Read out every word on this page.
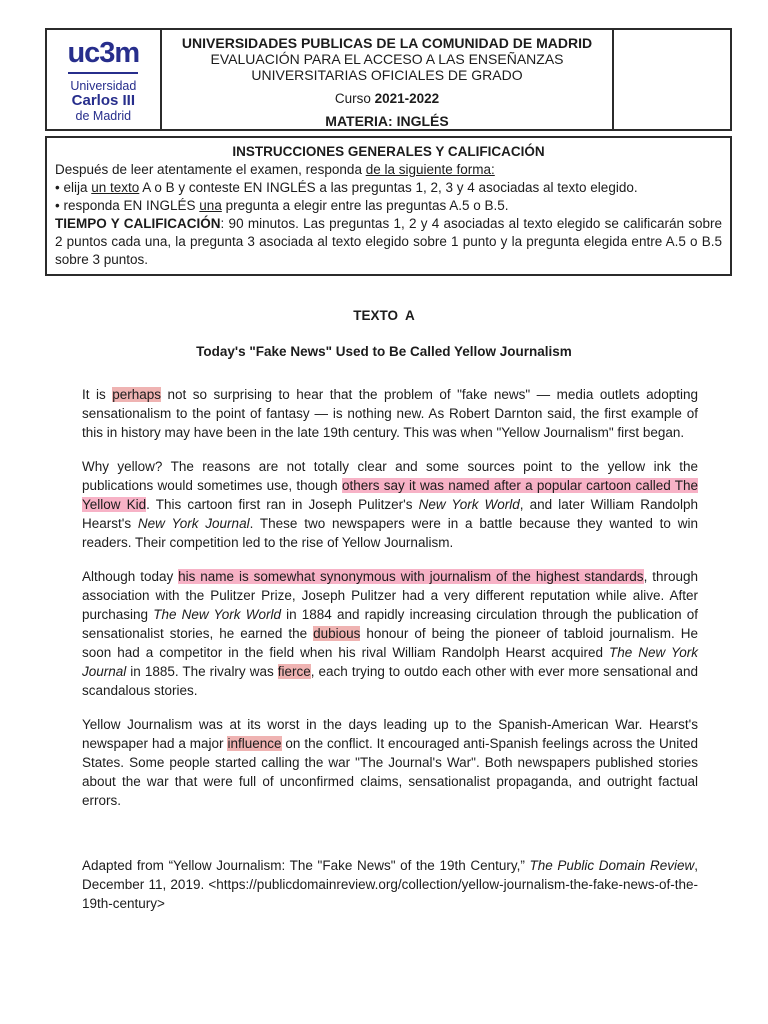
uc3m
Universidad
Carlos III
de Madrid
UNIVERSIDADES PUBLICAS DE LA COMUNIDAD DE MADRID
EVALUACIÓN PARA EL ACCESO A LAS ENSEÑANZAS
UNIVERSITARIAS OFICIALES DE GRADO
Curso 2021-2022
MATERIA: INGLÉS
INSTRUCCIONES GENERALES Y CALIFICACIÓN
Después de leer atentamente el examen, responda de la siguiente forma:
• elija un texto A o B y conteste EN INGLÉS a las preguntas 1, 2, 3 y 4 asociadas al texto elegido.
• responda EN INGLÉS una pregunta a elegir entre las preguntas A.5 o B.5.
TIEMPO Y CALIFICACIÓN: 90 minutos. Las preguntas 1, 2 y 4 asociadas al texto elegido se calificarán sobre 2 puntos cada una, la pregunta 3 asociada al texto elegido sobre 1 punto y la pregunta elegida entre A.5 o B.5 sobre 3 puntos.
TEXTO  A
Today's "Fake News" Used to Be Called Yellow Journalism
It is perhaps not so surprising to hear that the problem of "fake news" — media outlets adopting sensationalism to the point of fantasy — is nothing new. As Robert Darnton said, the first example of this in history may have been in the late 19th century. This was when "Yellow Journalism" first began.
Why yellow? The reasons are not totally clear and some sources point to the yellow ink the publications would sometimes use, though others say it was named after a popular cartoon called The Yellow Kid. This cartoon first ran in Joseph Pulitzer's New York World, and later William Randolph Hearst's New York Journal. These two newspapers were in a battle because they wanted to win readers. Their competition led to the rise of Yellow Journalism.
Although today his name is somewhat synonymous with journalism of the highest standards, through association with the Pulitzer Prize, Joseph Pulitzer had a very different reputation while alive. After purchasing The New York World in 1884 and rapidly increasing circulation through the publication of sensationalist stories, he earned the dubious honour of being the pioneer of tabloid journalism. He soon had a competitor in the field when his rival William Randolph Hearst acquired The New York Journal in 1885. The rivalry was fierce, each trying to outdo each other with ever more sensational and scandalous stories.
Yellow Journalism was at its worst in the days leading up to the Spanish-American War. Hearst's newspaper had a major influence on the conflict. It encouraged anti-Spanish feelings across the United States. Some people started calling the war "The Journal's War". Both newspapers published stories about the war that were full of unconfirmed claims, sensationalist propaganda, and outright factual errors.
Adapted from “Yellow Journalism: The "Fake News" of the 19th Century,” The Public Domain Review, December 11, 2019. <https://publicdomainreview.org/collection/yellow-journalism-the-fake-news-of-the-19th-century>
